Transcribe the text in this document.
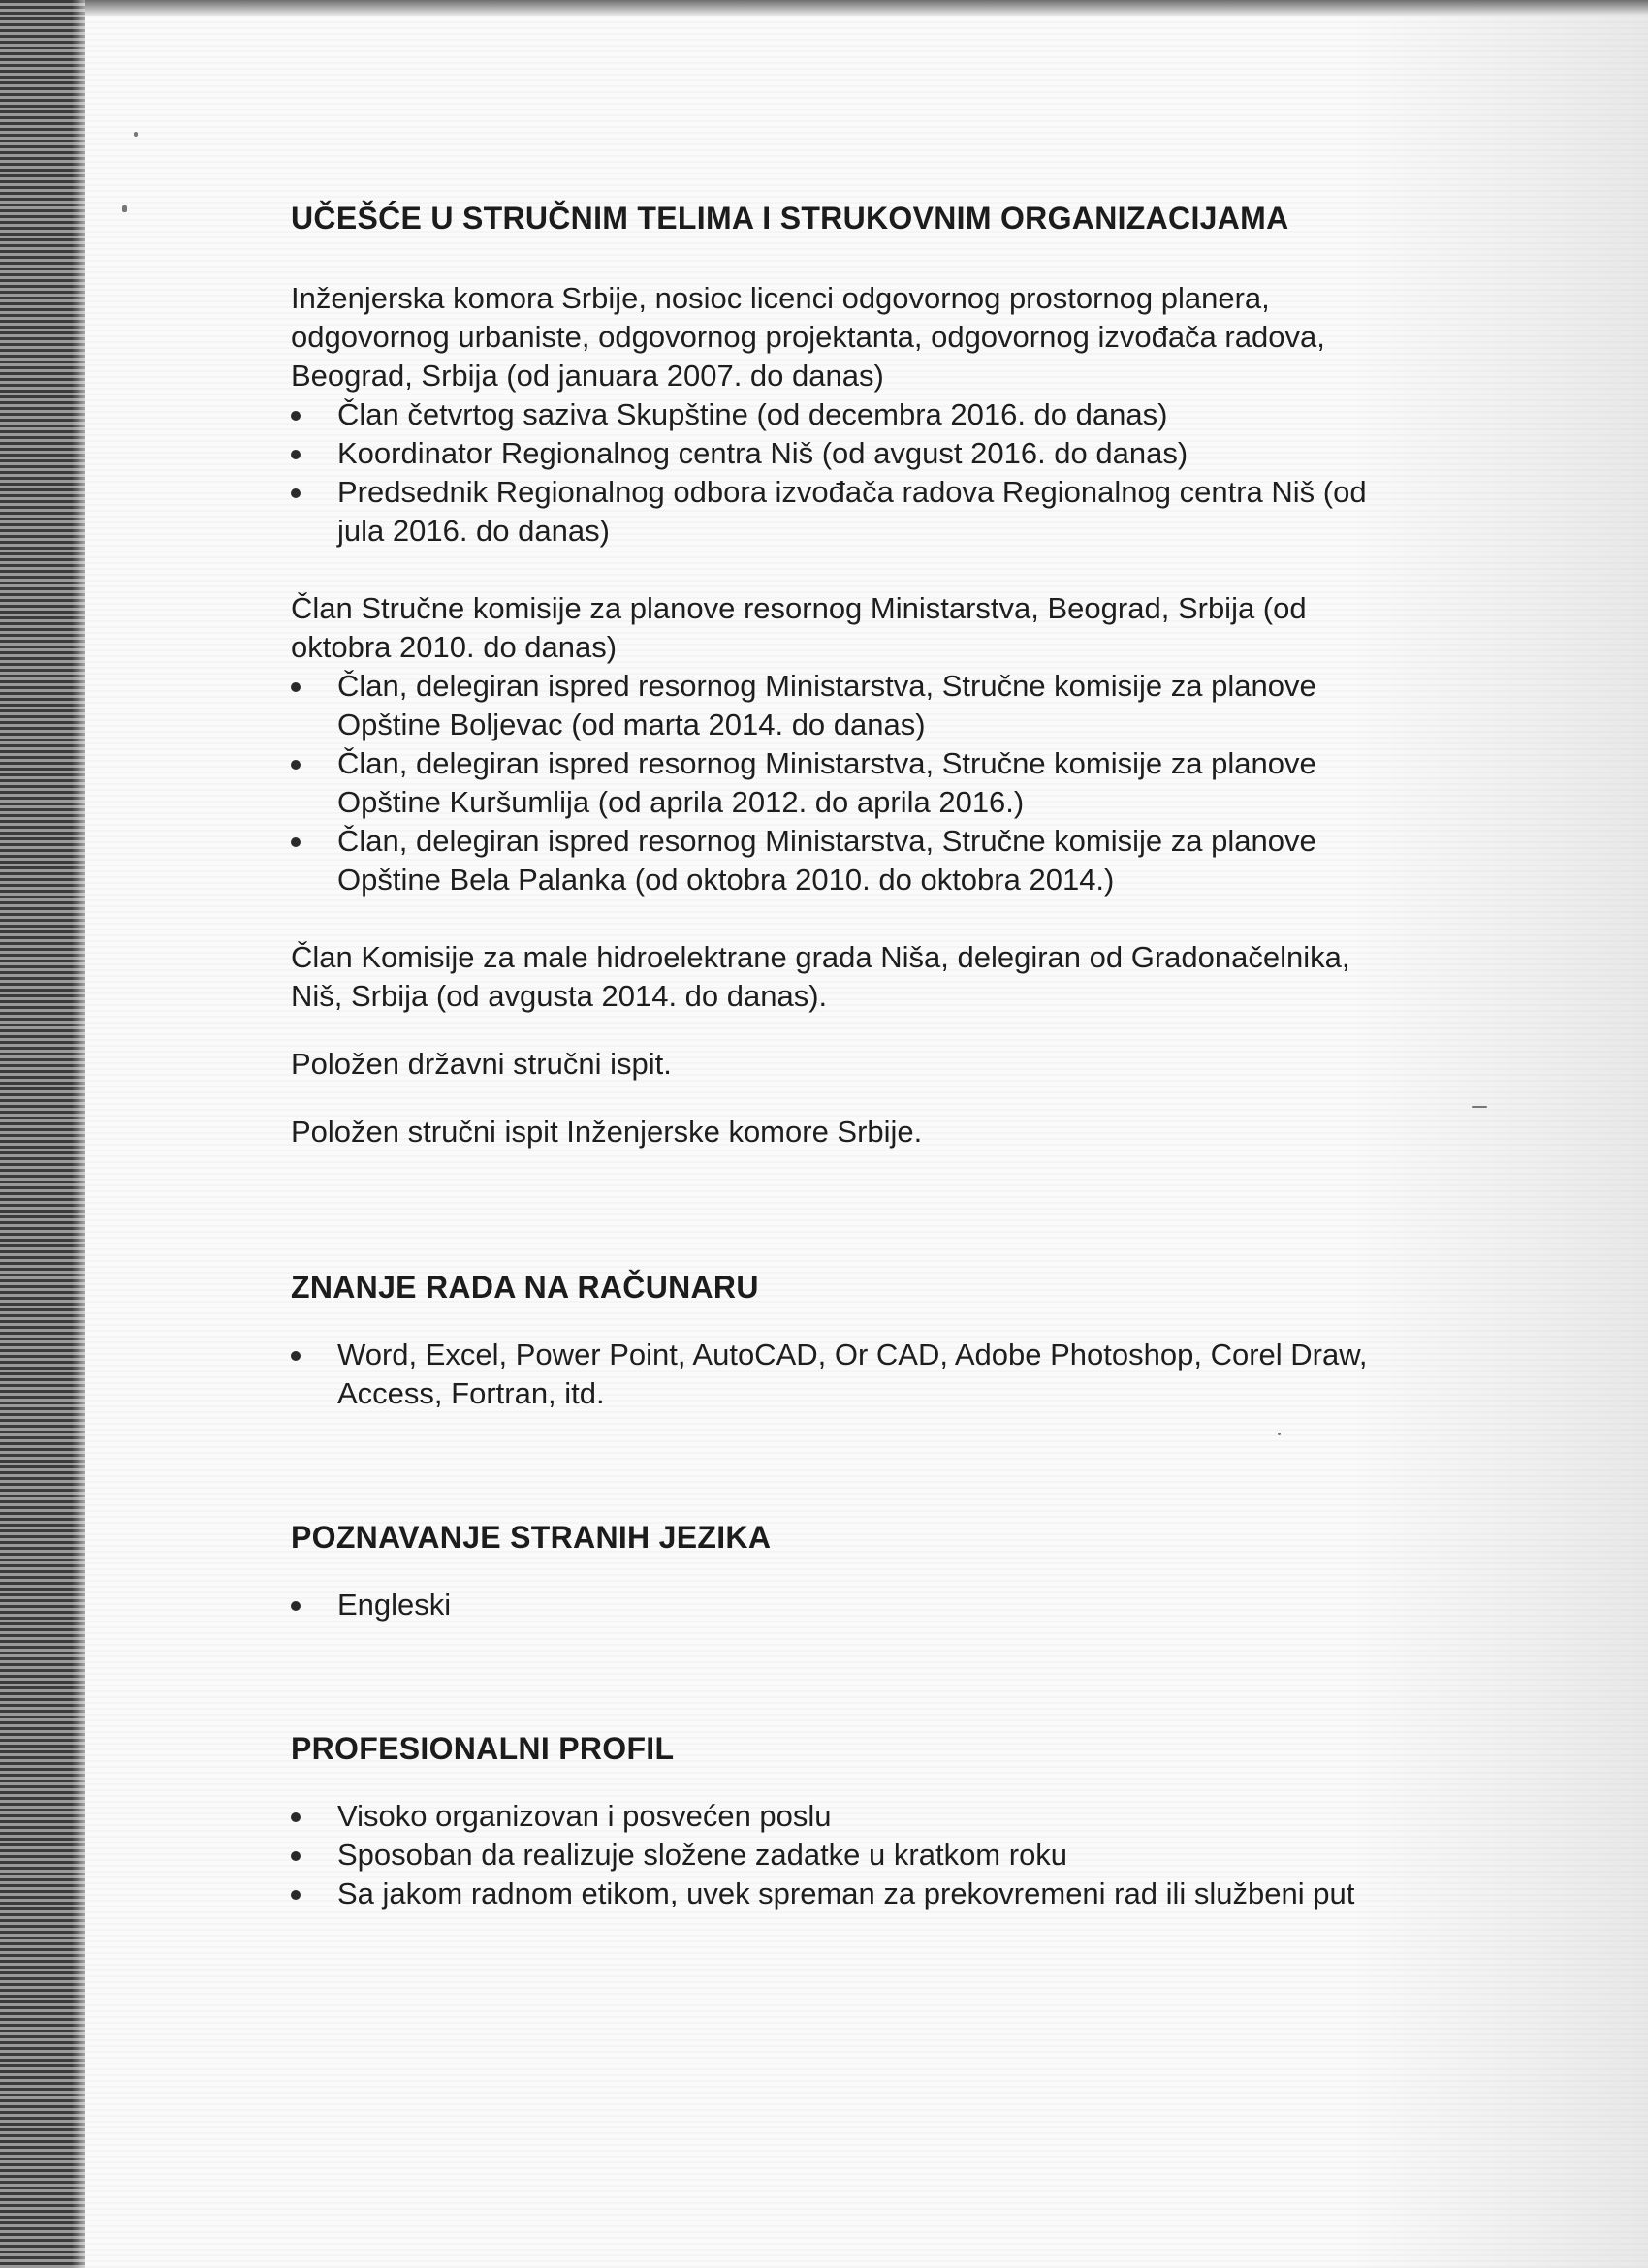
UČEŠĆE U STRUČNIM TELIMA I STRUKOVNIM ORGANIZACIJAMA

Inženjerska komora Srbije, nosioc licenci odgovornog prostornog planera,

odgovornog urbaniste, odgovornog projektanta, odgovornog izvođača radova,

Beograd, Srbija (od januara 2007. do danas)

Član četvrtog saziva Skupštine (od decembra 2016. do danas)
Koordinator Regionalnog centra Niš (od avgust 2016. do danas)
Predsednik Regionalnog odbora izvođača radova Regionalnog centra Niš (od
jula 2016. do danas)

Član Stručne komisije za planove resornog Ministarstva, Beograd, Srbija (od

oktobra 2010. do danas)

Član, delegiran ispred resornog Ministarstva, Stručne komisije za planove
Opštine Boljevac (od marta 2014. do danas)
Član, delegiran ispred resornog Ministarstva, Stručne komisije za planove
Opštine Kuršumlija (od aprila 2012. do aprila 2016.)
Član, delegiran ispred resornog Ministarstva, Stručne komisije za planove
Opštine Bela Palanka (od oktobra 2010. do oktobra 2014.)

Član Komisije za male hidroelektrane grada Niša, delegiran od Gradonačelnika,

Niš, Srbija (od avgusta 2014. do danas).

Položen državni stručni ispit.

Položen stručni ispit Inženjerske komore Srbije.

ZNANJE RADA NA RAČUNARU
Word, Excel, Power Point, AutoCAD, Or CAD, Adobe Photoshop, Corel Draw,
Access, Fortran, itd.
POZNAVANJE STRANIH JEZIKA
Engleski
PROFESIONALNI PROFIL
Visoko organizovan i posvećen poslu
Sposoban da realizuje složene zadatke u kratkom roku
Sa jakom radnom etikom, uvek spreman za prekovremeni rad ili službeni put
